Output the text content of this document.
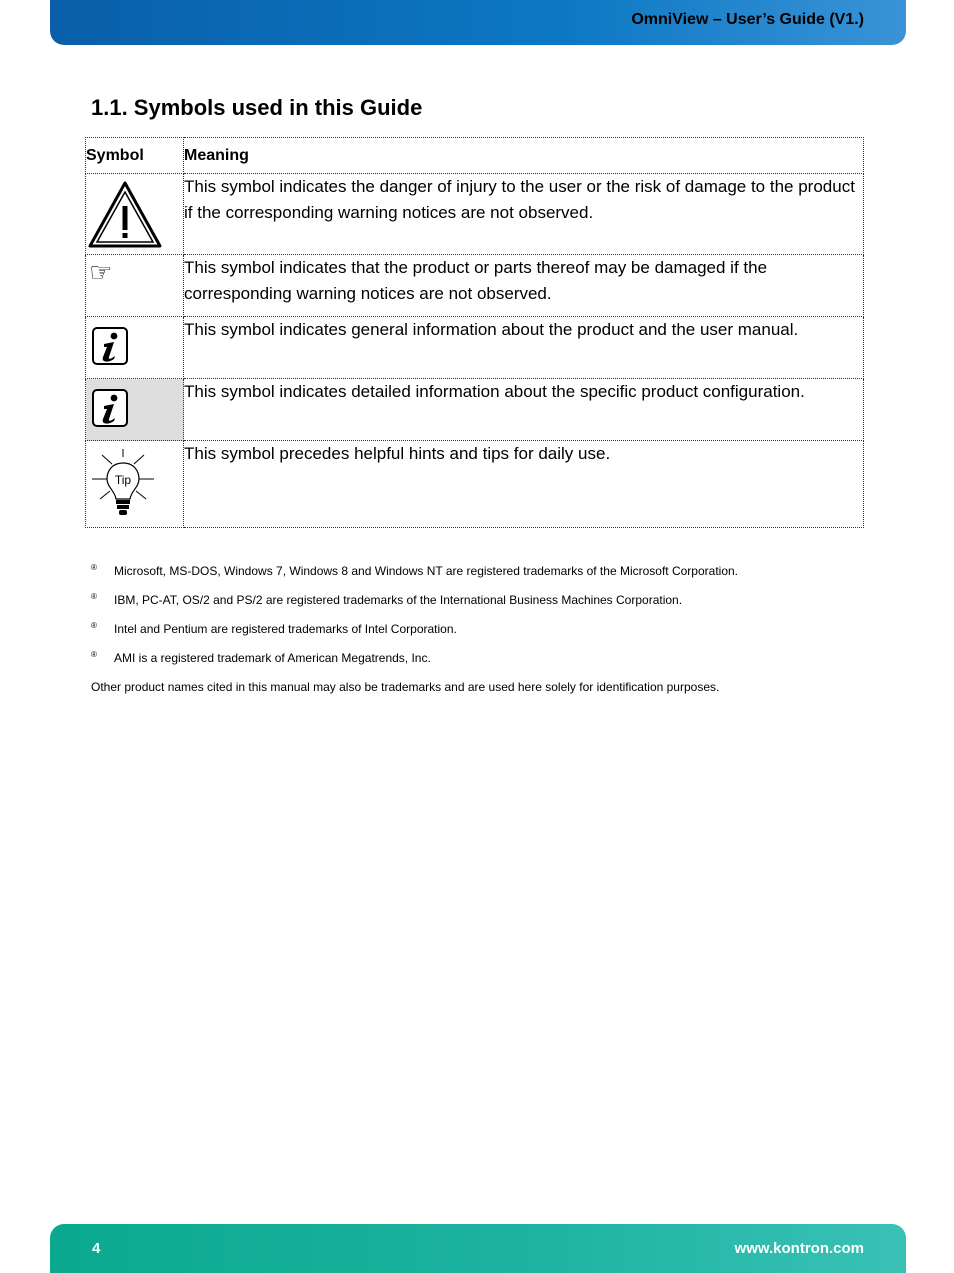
OmniView – User’s Guide (V1.)
1.1. Symbols used in this Guide
Symbol	Meaning

	This symbol indicates the danger of injury to the user or the risk of damage to the product if the corresponding warning notices are not observed.

☞	This symbol indicates that the product or parts thereof may be damaged if the corresponding warning notices are not observed.

	This symbol indicates general information about the product and the user manual.

	This symbol indicates detailed information about the specific product configuration.

Tip	This symbol precedes helpful hints and tips for daily use.
® Microsoft, MS-DOS, Windows 7, Windows 8 and Windows NT are registered trademarks of the Microsoft Corporation.
® IBM, PC-AT, OS/2 and PS/2 are registered trademarks of the International Business Machines Corporation.
® Intel and Pentium are registered trademarks of Intel Corporation.
® AMI is a registered trademark of American Megatrends, Inc.
Other product names cited in this manual may also be trademarks and are used here solely for identification purposes.
4	www.kontron.com
